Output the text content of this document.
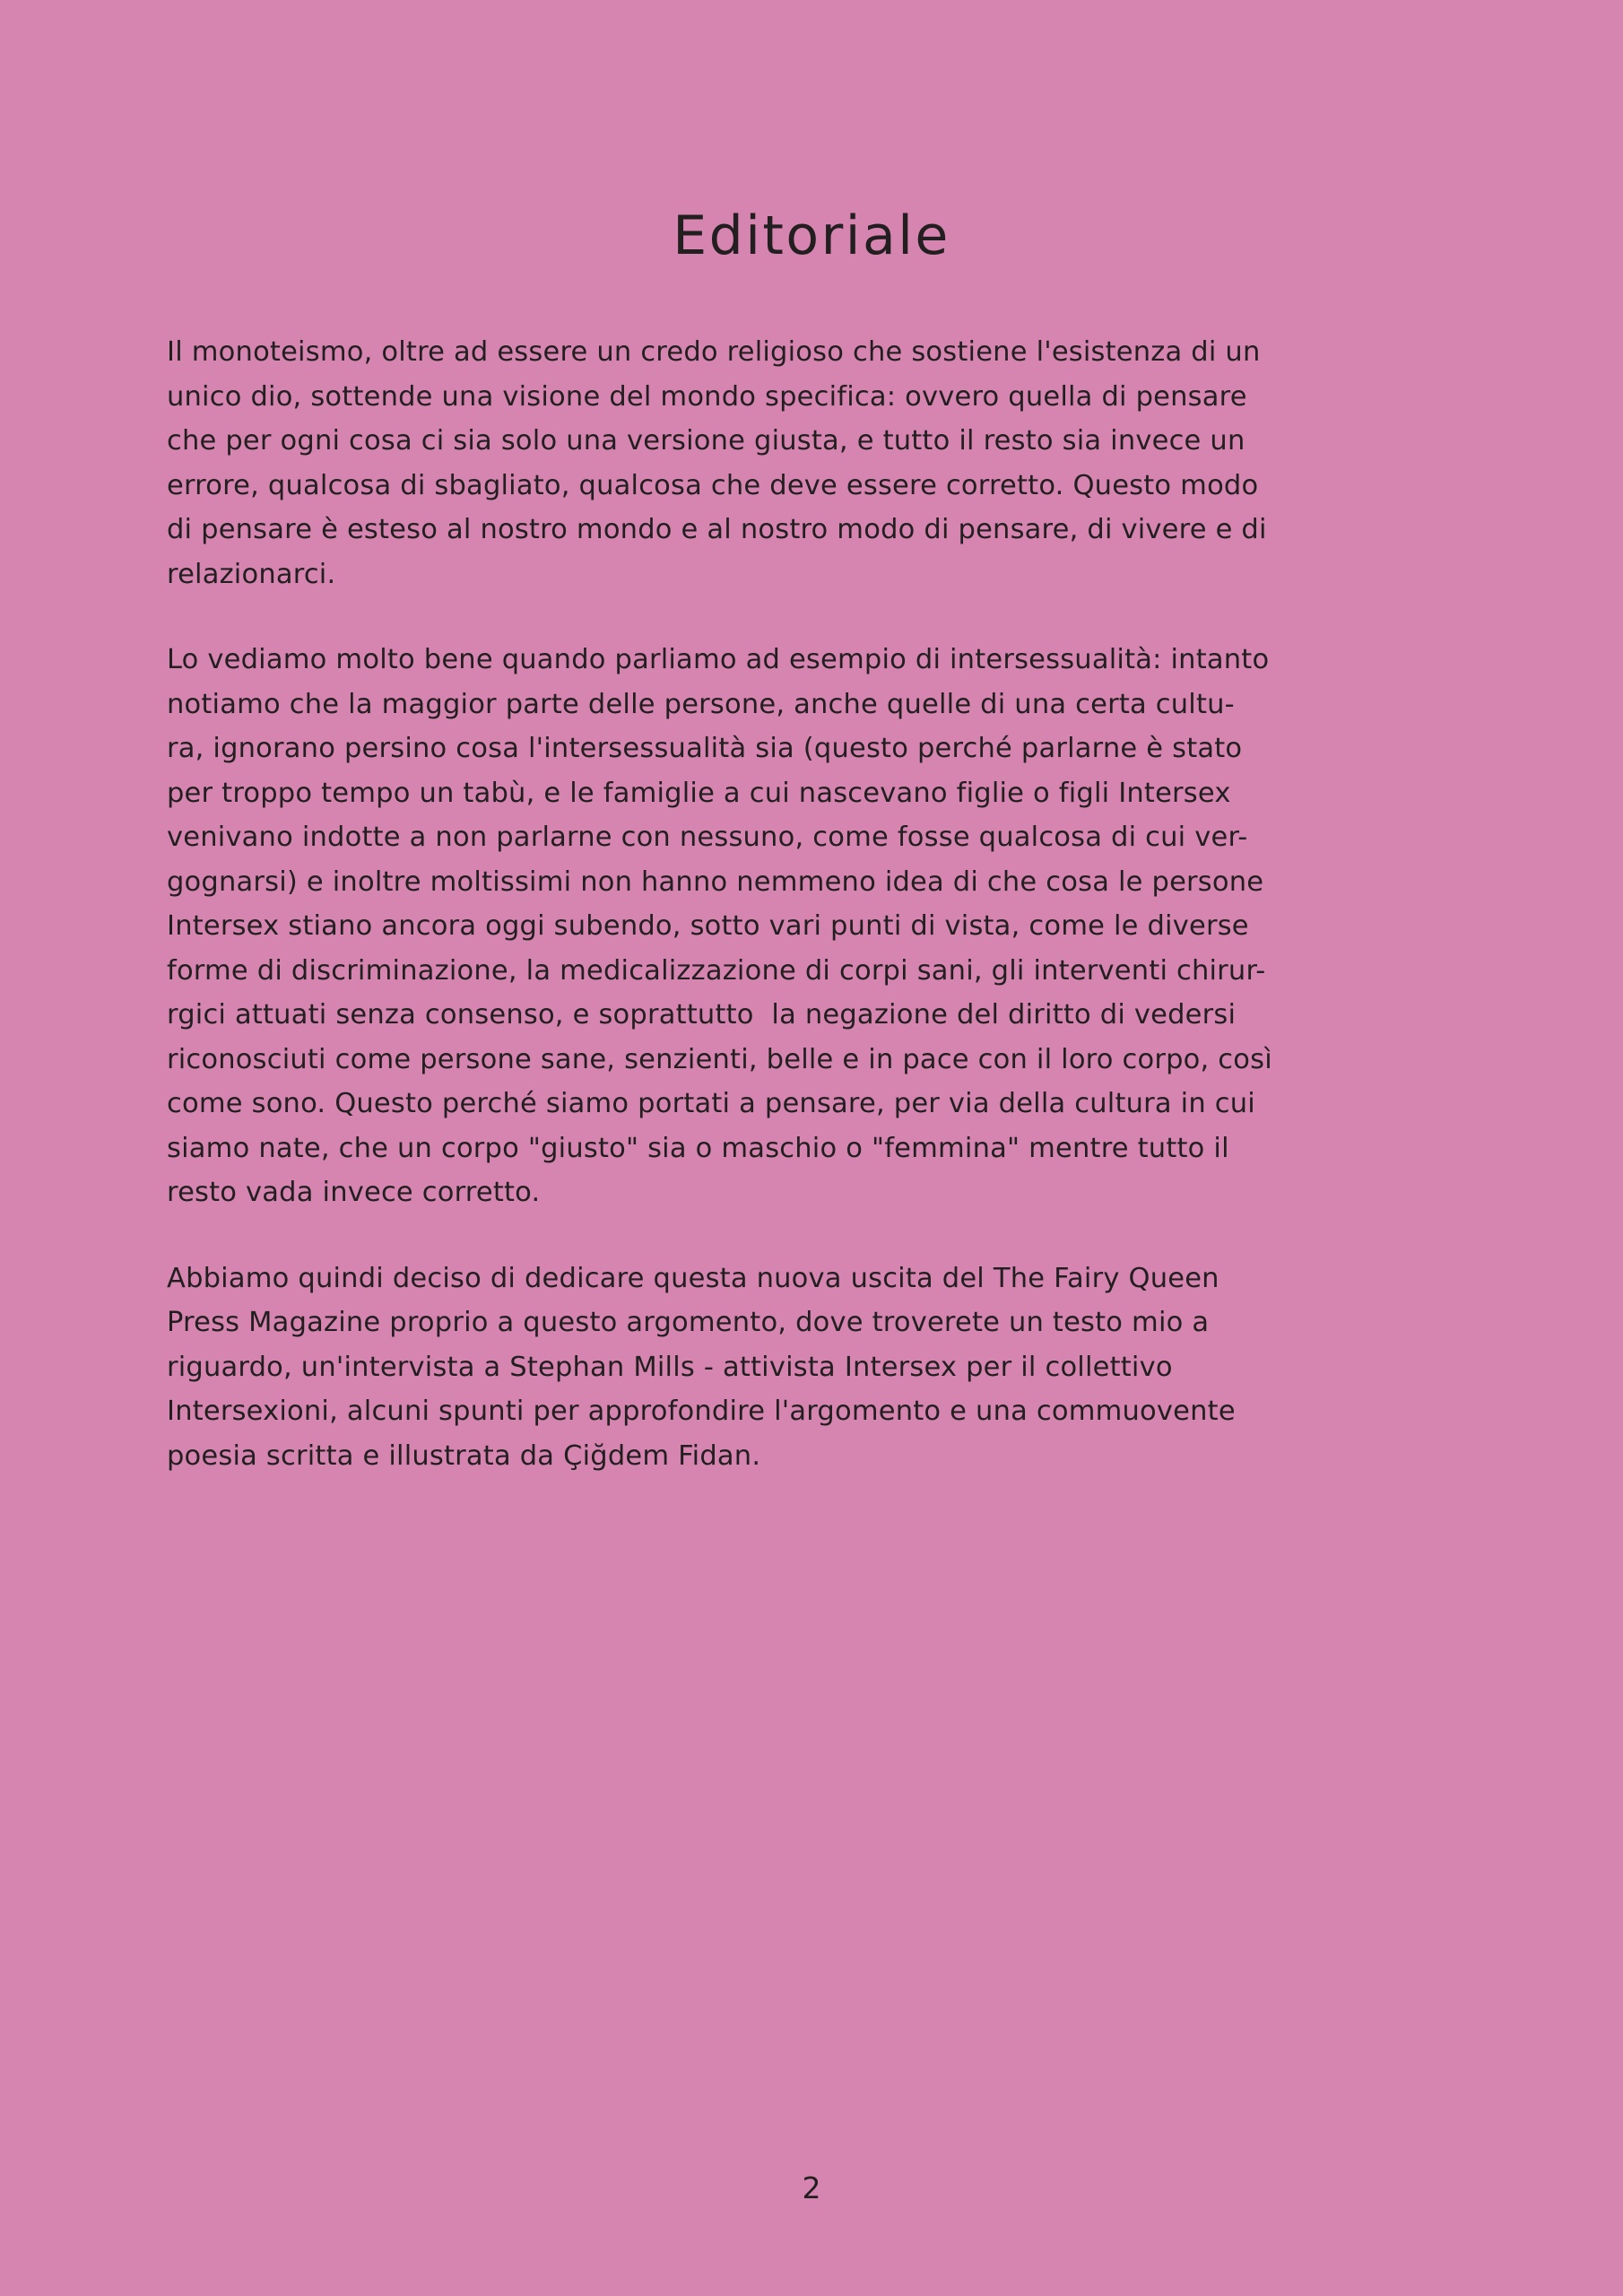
Editoriale

Il monoteismo, oltre ad essere un credo religioso che sostiene l'esistenza di un
unico dio, sottende una visione del mondo specifica: ovvero quella di pensare
che per ogni cosa ci sia solo una versione giusta, e tutto il resto sia invece un
errore, qualcosa di sbagliato, qualcosa che deve essere corretto. Questo modo
di pensare è esteso al nostro mondo e al nostro modo di pensare, di vivere e di
relazionarci.

Lo vediamo molto bene quando parliamo ad esempio di intersessualità: intanto
notiamo che la maggior parte delle persone, anche quelle di una certa cultu-
ra, ignorano persino cosa l'intersessualità sia (questo perché parlarne è stato
per troppo tempo un tabù, e le famiglie a cui nascevano figlie o figli Intersex
venivano indotte a non parlarne con nessuno, come fosse qualcosa di cui ver-
gognarsi) e inoltre moltissimi non hanno nemmeno idea di che cosa le persone
Intersex stiano ancora oggi subendo, sotto vari punti di vista, come le diverse
forme di discriminazione, la medicalizzazione di corpi sani, gli interventi chirur-
rgici attuati senza consenso, e soprattutto  la negazione del diritto di vedersi
riconosciuti come persone sane, senzienti, belle e in pace con il loro corpo, così
come sono. Questo perché siamo portati a pensare, per via della cultura in cui
siamo nate, che un corpo "giusto" sia o maschio o "femmina" mentre tutto il
resto vada invece corretto.

Abbiamo quindi deciso di dedicare questa nuova uscita del The Fairy Queen
Press Magazine proprio a questo argomento, dove troverete un testo mio a
riguardo, un'intervista a Stephan Mills - attivista Intersex per il collettivo
Intersexioni, alcuni spunti per approfondire l'argomento e una commuovente
poesia scritta e illustrata da Çiğdem Fidan.

2
